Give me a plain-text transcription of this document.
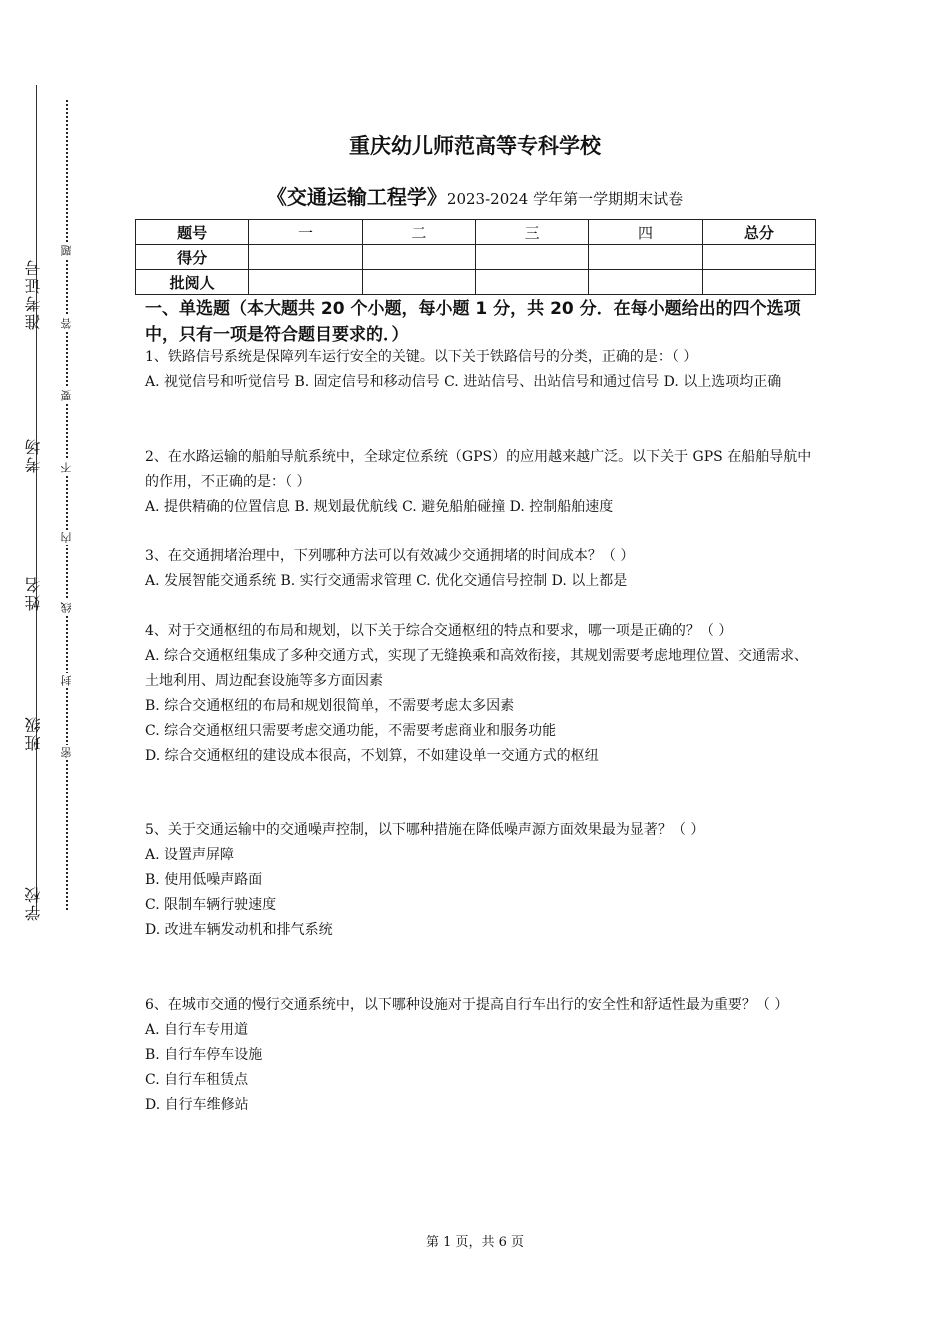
准考证号
考场
姓名
班级
学校
题
答
要
不
内
线
封
密
重庆幼儿师范高等专科学校
《交通运输工程学》2023-2024 学年第一学期期末试卷
题号	一	二	三	四	总分
得分					
批阅人					
一、单选题（本大题共 20 个小题，每小题 1 分，共 20 分．在每小题给出的四个选项中，只有一项是符合题目要求的．）

1、铁路信号系统是保障列车运行安全的关键。以下关于铁路信号的分类，正确的是：（ ）

A. 视觉信号和听觉信号 B. 固定信号和移动信号 C. 进站信号、出站信号和通过信号 D. 以上选项均正确

2、在水路运输的船舶导航系统中，全球定位系统（GPS）的应用越来越广泛。以下关于 GPS 在船舶导航中的作用，不正确的是：（ ）

A. 提供精确的位置信息 B. 规划最优航线 C. 避免船舶碰撞 D. 控制船舶速度

3、在交通拥堵治理中，下列哪种方法可以有效减少交通拥堵的时间成本？（ ）

A. 发展智能交通系统 B. 实行交通需求管理 C. 优化交通信号控制 D. 以上都是

4、对于交通枢纽的布局和规划，以下关于综合交通枢纽的特点和要求，哪一项是正确的？（ ）

A. 综合交通枢纽集成了多种交通方式，实现了无缝换乘和高效衔接，其规划需要考虑地理位置、交通需求、土地利用、周边配套设施等多方面因素

B. 综合交通枢纽的布局和规划很简单，不需要考虑太多因素

C. 综合交通枢纽只需要考虑交通功能，不需要考虑商业和服务功能

D. 综合交通枢纽的建设成本很高，不划算，不如建设单一交通方式的枢纽

5、关于交通运输中的交通噪声控制，以下哪种措施在降低噪声源方面效果最为显著？（ ）

A. 设置声屏障

B. 使用低噪声路面

C. 限制车辆行驶速度

D. 改进车辆发动机和排气系统

6、在城市交通的慢行交通系统中，以下哪种设施对于提高自行车出行的安全性和舒适性最为重要？（ ）

A. 自行车专用道

B. 自行车停车设施

C. 自行车租赁点

D. 自行车维修站

第 1 页，共 6 页
